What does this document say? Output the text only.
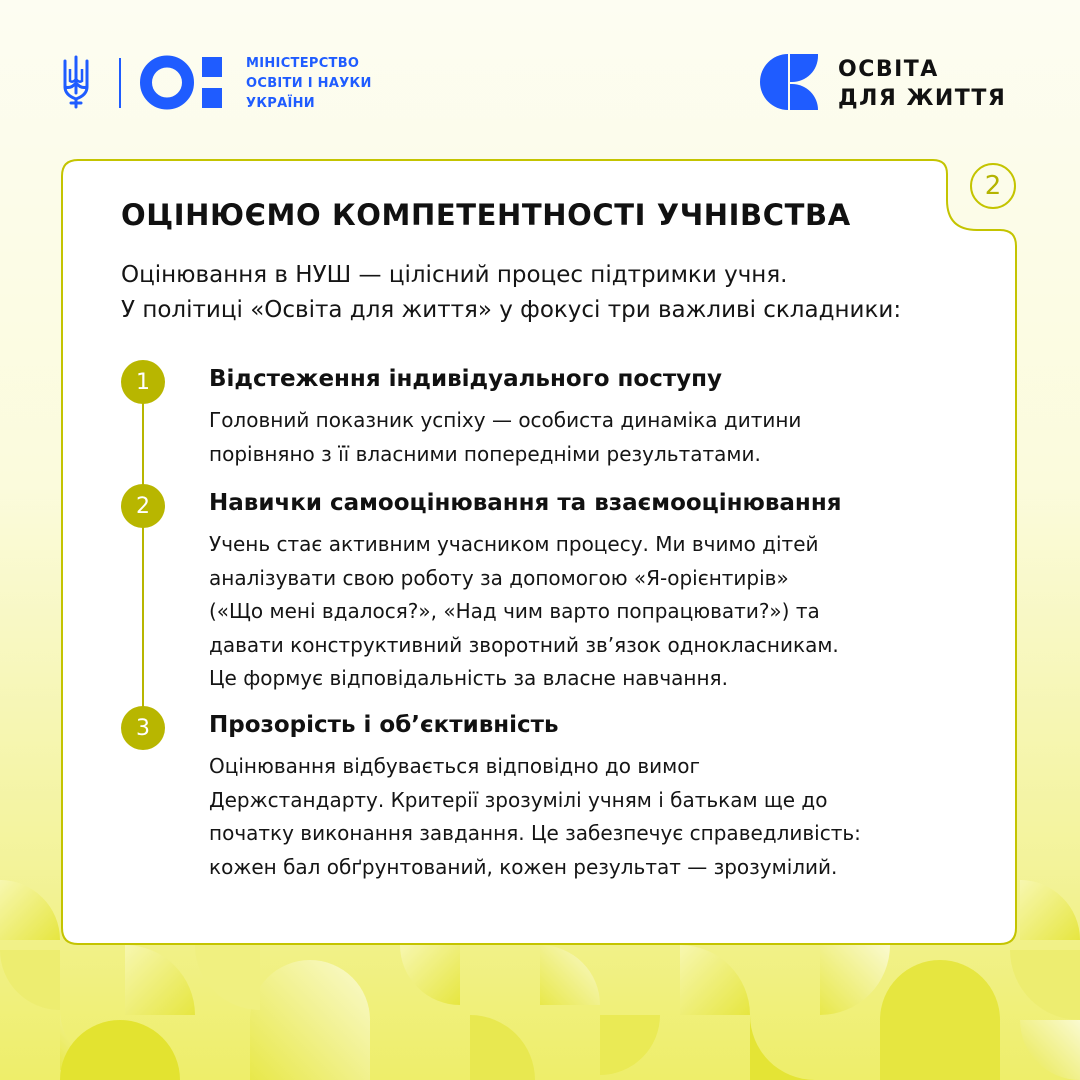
МІНІСТЕРСТВО
ОСВІТИ І НАУКИ
УКРАЇНИ
ОСВІТА
ДЛЯ ЖИТТЯ
2
ОЦІНЮЄМО КОМПЕТЕНТНОСТІ УЧНІВСТВА
Оцінювання в НУШ — цілісний процес підтримки учня.
У політиці «Освіта для життя» у фокусі три важливі складники:
1	Відстеження індивідуального поступу
Головний показник успіху — особиста динаміка дитини
порівняно з її власними попередніми результатами.
2	Навички самооцінювання та взаємооцінювання
Учень стає активним учасником процесу. Ми вчимо дітей
аналізувати свою роботу за допомогою «Я-орієнтирів»
(«Що мені вдалося?», «Над чим варто попрацювати?») та
давати конструктивний зворотний зв’язок однокласникам.
Це формує відповідальність за власне навчання.
3	Прозорість і об’єктивність
Оцінювання відбувається відповідно до вимог
Держстандарту. Критерії зрозумілі учням і батькам ще до
початку виконання завдання. Це забезпечує справедливість:
кожен бал обґрунтований, кожен результат — зрозумілий.
